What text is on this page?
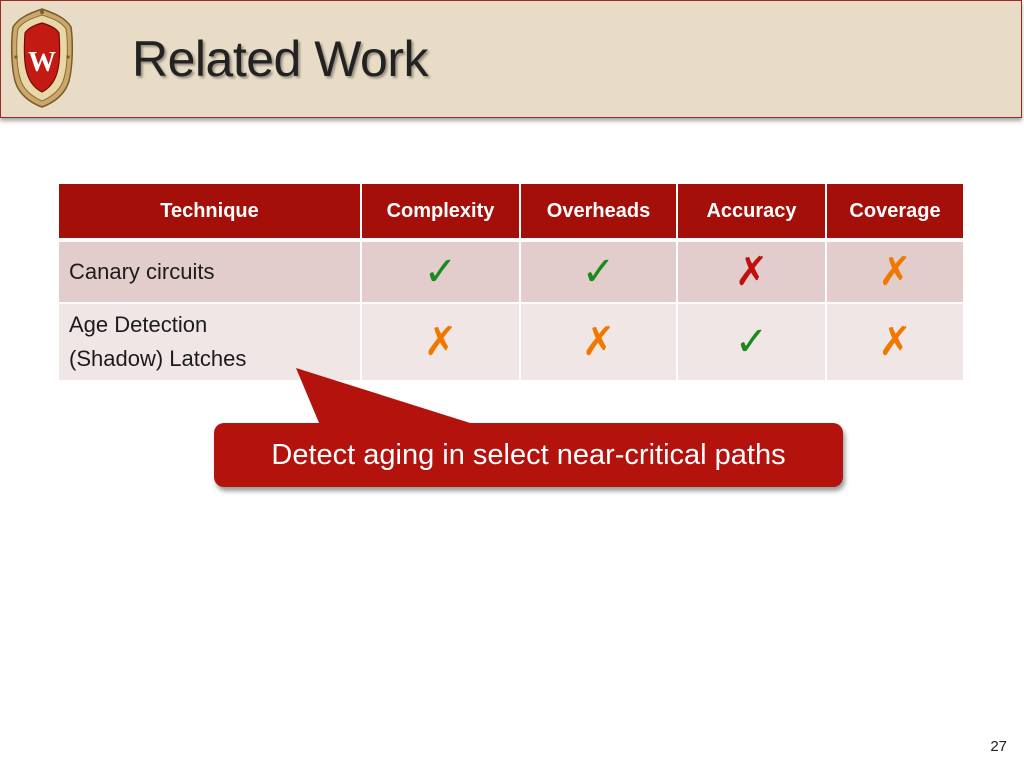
W Related Work
Technique	Complexity	Overheads	Accuracy	Coverage

Canary circuits	✓	✓	✗	✗

Age Detection
(Shadow) Latches	✗	✗	✓	✗
Detect aging in select near-critical paths
27
